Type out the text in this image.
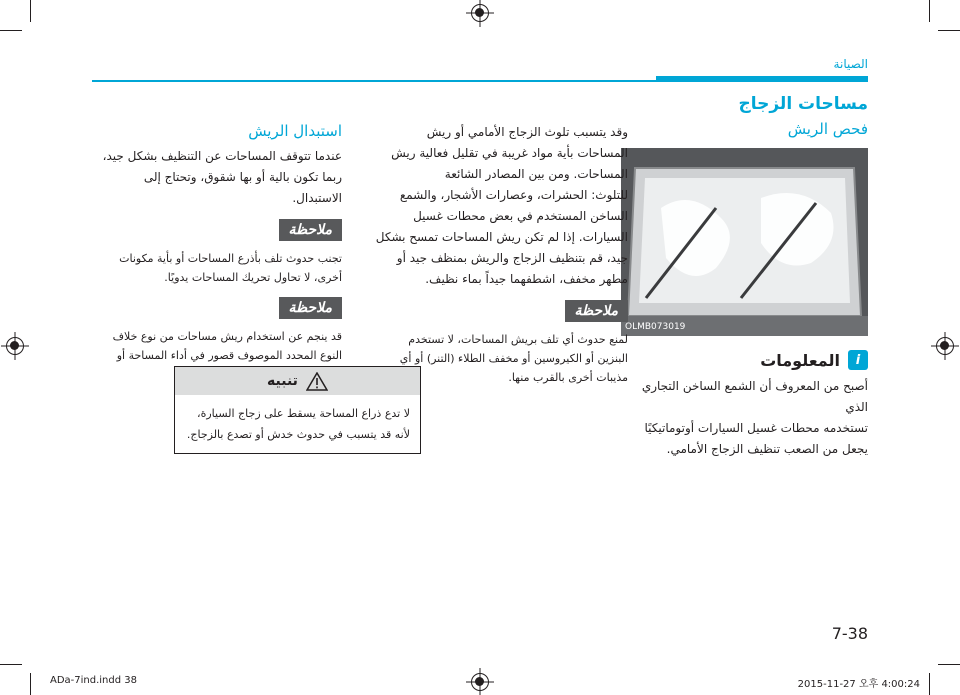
الصيانة
مساحات الزجاج
فحص الريش
OLMB073019
i
المعلومات
أصبح من المعروف أن الشمع الساخن التجاري الذي
تستخدمه محطات غسيل السيارات أوتوماتيكيًا
يجعل من الصعب تنظيف الزجاج الأمامي.
وقد يتسبب تلوث الزجاج الأمامي أو ريش
المساحات بأية مواد غريبة في تقليل فعالية ريش
المساحات. ومن بين المصادر الشائعة
للتلوث: الحشرات، وعصارات الأشجار، والشمع
الساخن المستخدم في بعض محطات غسيل
السيارات. إذا لم تكن ريش المساحات تمسح بشكل
جيد، قم بتنظيف الزجاج والريش بمنظف جيد أو
مطهر مخفف، اشطفهما جيداً بماء نظيف.
ملاحظة
لمنع حدوث أي تلف بريش المساحات، لا تستخدم
البنزين أو الكيروسين أو مخفف الطلاء (التنر) أو أي
مذيبات أخرى بالقرب منها.
استبدال الريش
عندما تتوقف المساحات عن التنظيف بشكل جيد،
ربما تكون بالية أو بها شقوق، وتحتاج إلى الاستبدال.
ملاحظة
تجنب حدوث تلف بأذرع المساحات أو بأية مكونات
أخرى، لا تحاول تحريك المساحات يدويًا.
ملاحظة
قد ينجم عن استخدام ريش مساحات من نوع خلاف
النوع المحدد الموصوف قصور في أداء المساحة أو
تنبيه
لا تدع ذراع المساحة يسقط على زجاج السيارة،
لأنه قد يتسبب في حدوث خدش أو تصدع بالزجاج.
7-38
ADa-7ind.indd 38	2015-11-27 오후 4:00:24
